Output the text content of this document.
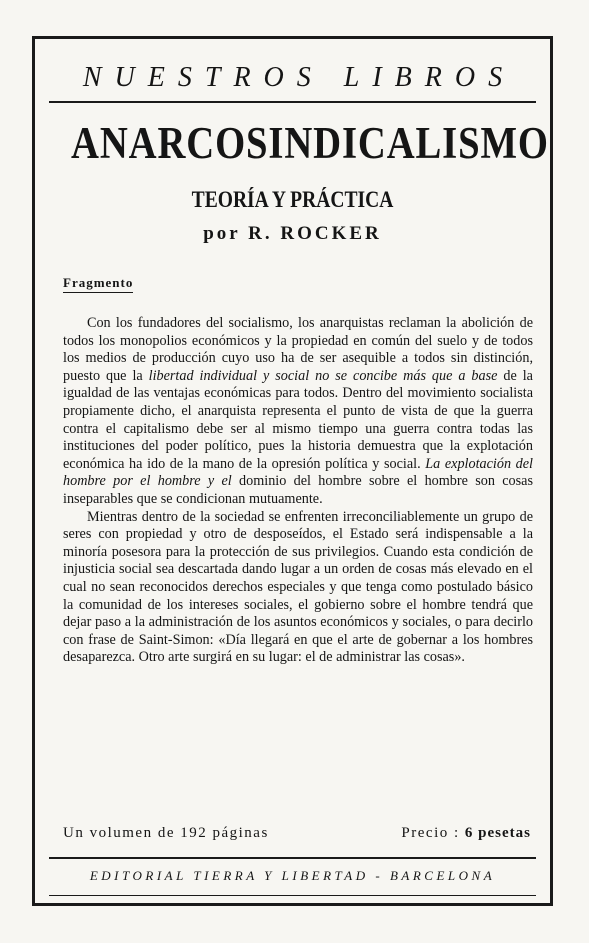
NUESTROS LIBROS
ANARCOSINDICALISMO
TEORÍA Y PRÁCTICA
por R. ROCKER
Fragmento

Con los fundadores del socialismo, los anarquistas reclaman la abolición de todos los monopolios económicos y la propiedad en común del suelo y de todos los medios de producción cuyo uso ha de ser asequible a todos sin distinción, puesto que la libertad individual y social no se concibe más que a base de la igualdad de las ventajas económicas para todos. Dentro del movimiento socialista propiamente dicho, el anarquista representa el punto de vista de que la guerra contra el capitalismo debe ser al mismo tiempo una guerra contra todas las instituciones del poder político, pues la historia demuestra que la explotación económica ha ido de la mano de la opresión política y social. La explotación del hombre por el hombre y el dominio del hombre sobre el hombre son cosas inseparables que se condicionan mutuamente.

Mientras dentro de la sociedad se enfrenten irreconciliablemente un grupo de seres con propiedad y otro de desposeídos, el Estado será indispensable a la minoría posesora para la protección de sus privilegios. Cuando esta condición de injusticia social sea descartada dando lugar a un orden de cosas más elevado en el cual no sean reconocidos derechos especiales y que tenga como postulado básico la comunidad de los intereses sociales, el gobierno sobre el hombre tendrá que dejar paso a la administración de los asuntos económicos y sociales, o para decirlo con frase de Saint-Simon: «Día llegará en que el arte de gobernar a los hombres desaparezca. Otro arte surgirá en su lugar: el de administrar las cosas».

Un volumen de 192 páginas	Precio : 6 pesetas
EDITORIAL TIERRA Y LIBERTAD - BARCELONA
